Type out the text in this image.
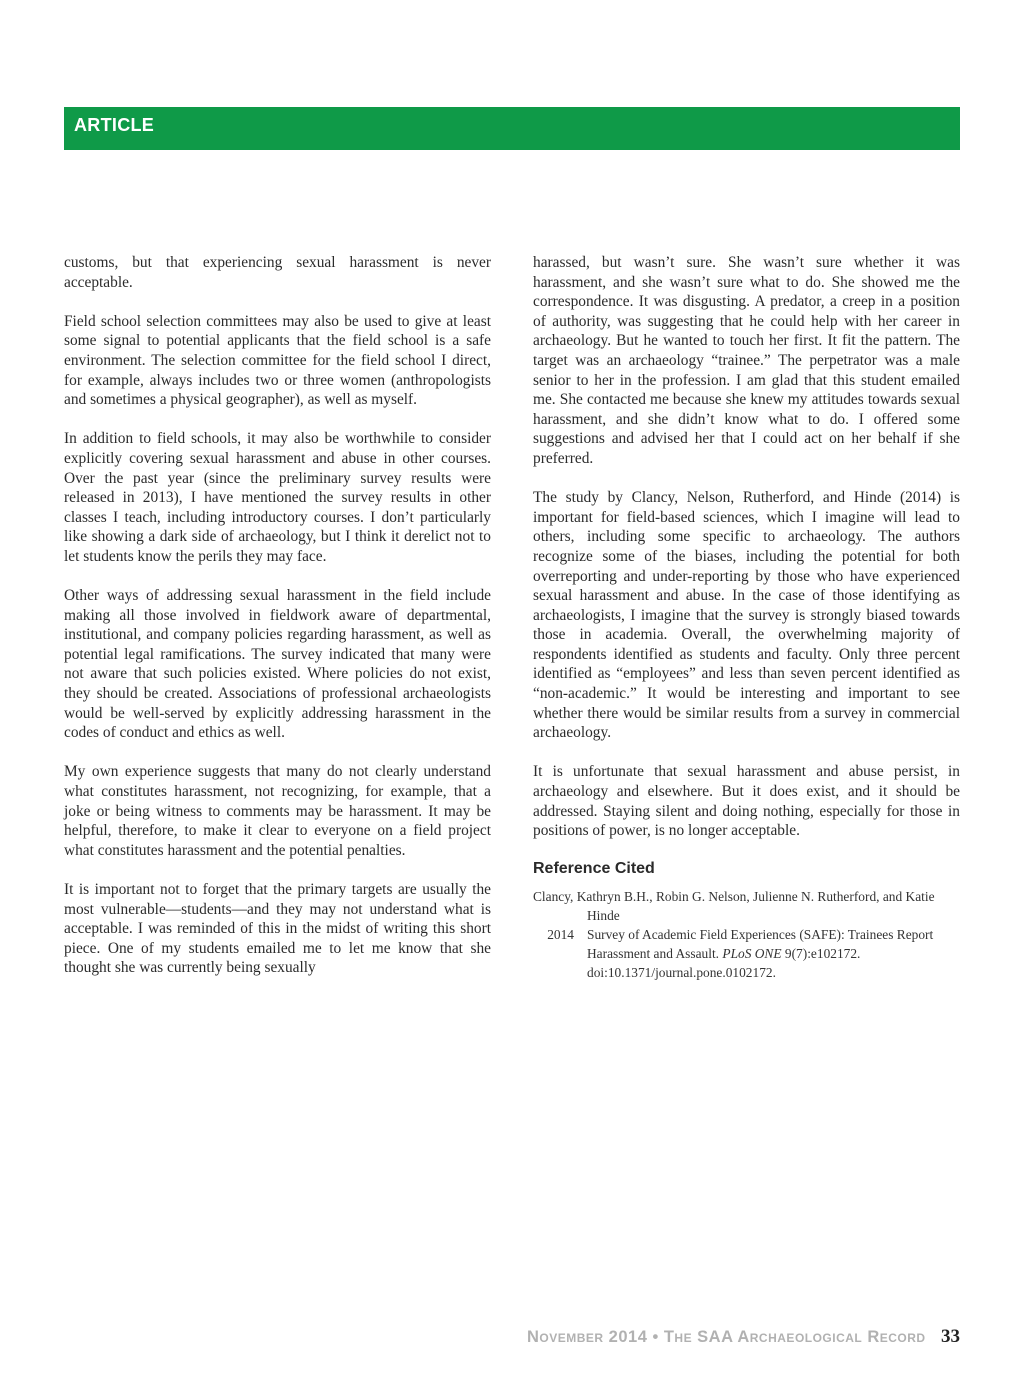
ARTICLE

customs, but that experiencing sexual harassment is never acceptable.

Field school selection committees may also be used to give at least some signal to potential applicants that the field school is a safe environment. The selection committee for the field school I direct, for example, always includes two or three women (anthropologists and sometimes a physical geographer), as well as myself.

In addition to field schools, it may also be worthwhile to consider explicitly covering sexual harassment and abuse in other courses. Over the past year (since the preliminary survey results were released in 2013), I have mentioned the survey results in other classes I teach, including introductory courses. I don’t particularly like showing a dark side of archaeology, but I think it derelict not to let students know the perils they may face.

Other ways of addressing sexual harassment in the field include making all those involved in fieldwork aware of departmental, institutional, and company policies regarding harassment, as well as potential legal ramifications. The survey indicated that many were not aware that such policies existed. Where policies do not exist, they should be created. Associations of professional archaeologists would be well-served by explicitly addressing harassment in the codes of conduct and ethics as well.

My own experience suggests that many do not clearly understand what constitutes harassment, not recognizing, for example, that a joke or being witness to comments may be harassment. It may be helpful, therefore, to make it clear to everyone on a field project what constitutes harassment and the potential penalties.

It is important not to forget that the primary targets are usually the most vulnerable—students—and they may not understand what is acceptable. I was reminded of this in the midst of writing this short piece. One of my students emailed me to let me know that she thought she was currently being sexually

harassed, but wasn’t sure. She wasn’t sure whether it was harassment, and she wasn’t sure what to do. She showed me the correspondence. It was disgusting. A predator, a creep in a position of authority, was suggesting that he could help with her career in archaeology. But he wanted to touch her first. It fit the pattern. The target was an archaeology “trainee.” The perpetrator was a male senior to her in the profession. I am glad that this student emailed me. She contacted me because she knew my attitudes towards sexual harassment, and she didn’t know what to do. I offered some suggestions and advised her that I could act on her behalf if she preferred.

The study by Clancy, Nelson, Rutherford, and Hinde (2014) is important for field-based sciences, which I imagine will lead to others, including some specific to archaeology. The authors recognize some of the biases, including the potential for both overreporting and under-reporting by those who have experienced sexual harassment and abuse. In the case of those identifying as archaeologists, I imagine that the survey is strongly biased towards those in academia. Overall, the overwhelming majority of respondents identified as students and faculty. Only three percent identified as “employees” and less than seven percent identified as “non-academic.” It would be interesting and important to see whether there would be similar results from a survey in commercial archaeology.

It is unfortunate that sexual harassment and abuse persist, in archaeology and elsewhere. But it does exist, and it should be addressed. Staying silent and doing nothing, especially for those in positions of power, is no longer acceptable.

Reference Cited
Clancy, Kathryn B.H., Robin G. Nelson, Julienne N. Rutherford, and Katie Hinde
2014 Survey of Academic Field Experiences (SAFE): Trainees Report Harassment and Assault. PLoS ONE 9(7):e102172. doi:10.1371/journal.pone.0102172.
November 2014 • The SAA Archaeological Record 33
